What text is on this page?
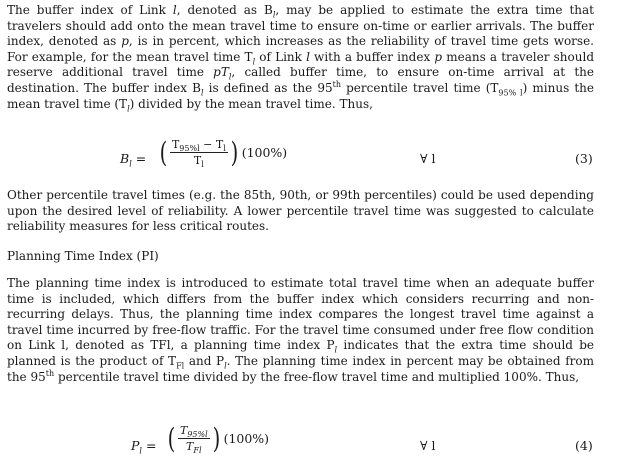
The buffer index of Link l, denoted as $B_l$, may be applied to estimate the extra time that travelers should add onto the mean travel time to ensure on-time or earlier arrivals. The buffer index, denoted as p, is in percent, which increases as the reliability of travel time gets worse. For example, for the mean travel time $T_l$ of Link l with a buffer index p means a traveler should reserve additional travel time $pT_l$, called buffer time, to ensure on-time arrival at the destination. The buffer index $B_l$ is defined as the 95th percentile travel time $(T_{95\% l})$ minus the mean travel time $(T_l)$ divided by the mean travel time. Thus,

$B_l$ = ( $\frac{T_{95\%l} - T_l}{T_l}$ ) (100%)	∀ l	(3)

Other percentile travel times (e.g. the 85th, 90th, or 99th percentiles) could be used depending upon the desired level of reliability. A lower percentile travel time was suggested to calculate reliability measures for less critical routes.

Planning Time Index (PI)

The planning time index is introduced to estimate total travel time when an adequate buffer time is included, which differs from the buffer index which considers recurring and non-recurring delays. Thus, the planning time index compares the longest travel time against a travel time incurred by free-flow traffic. For the travel time consumed under free flow condition on Link l, denoted as TFl, a planning time index $P_l$ indicates that the extra time should be planned is the product of $T_{Fl}$ and $P_l$. The planning time index in percent may be obtained from the 95th percentile travel time divided by the free-flow travel time and multiplied 100%. Thus,

$P_l$ = ( $\frac{T_{95\%l}}{T_{Fl}}$ ) (100%)	∀ l	(4)
